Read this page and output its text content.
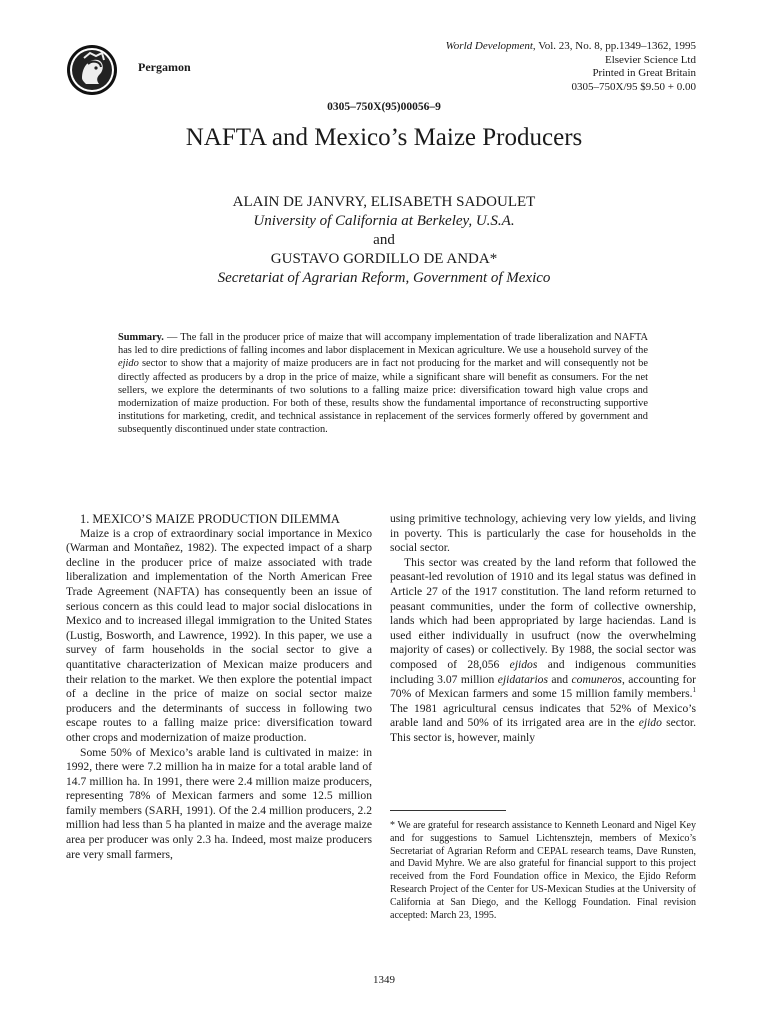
Pergamon
World Development, Vol. 23, No. 8, pp.1349–1362, 1995
Elsevier Science Ltd
Printed in Great Britain
0305–750X/95 $9.50 + 0.00
0305–750X(95)00056–9
NAFTA and Mexico’s Maize Producers
ALAIN DE JANVRY, ELISABETH SADOULET
University of California at Berkeley, U.S.A.
and
GUSTAVO GORDILLO DE ANDA*
Secretariat of Agrarian Reform, Government of Mexico
Summary. — The fall in the producer price of maize that will accompany implementation of trade liberalization and NAFTA has led to dire predictions of falling incomes and labor displacement in Mexican agriculture. We use a household survey of the ejido sector to show that a majority of maize producers are in fact not producing for the market and will consequently not be directly affected as producers by a drop in the price of maize, while a significant share will benefit as consumers. For the net sellers, we explore the determinants of two solutions to a falling maize price: diversification toward high value crops and modernization of maize production. For both of these, results show the fundamental importance of reconstructing supportive institutions for marketing, credit, and technical assistance in replacement of the services formerly offered by government and subsequently discontinued under state contraction.

1. MEXICO’S MAIZE PRODUCTION DILEMMA

Maize is a crop of extraordinary social importance in Mexico (Warman and Montañez, 1982). The expected impact of a sharp decline in the producer price of maize associated with trade liberalization and implementation of the North American Free Trade Agreement (NAFTA) has consequently been an issue of serious concern as this could lead to major social dislocations in Mexico and to increased illegal immigration to the United States (Lustig, Bosworth, and Lawrence, 1992). In this paper, we use a survey of farm households in the social sector to give a quantitative characterization of Mexican maize producers and their relation to the market. We then explore the potential impact of a decline in the price of maize on social sector maize producers and the determinants of success in following two escape routes to a falling maize price: diversification toward other crops and modernization of maize production.

Some 50% of Mexico’s arable land is cultivated in maize: in 1992, there were 7.2 million ha in maize for a total arable land of 14.7 million ha. In 1991, there were 2.4 million maize producers, representing 78% of Mexican farmers and some 12.5 million family members (SARH, 1991). Of the 2.4 million producers, 2.2 million had less than 5 ha planted in maize and the average maize area per producer was only 2.3 ha. Indeed, most maize producers are very small farmers,

using primitive technology, achieving very low yields, and living in poverty. This is particularly the case for households in the social sector.

This sector was created by the land reform that followed the peasant-led revolution of 1910 and its legal status was defined in Article 27 of the 1917 constitution. The land reform returned to peasant communities, under the form of collective ownership, lands which had been appropriated by large haciendas. Land is used either individually in usufruct (now the overwhelming majority of cases) or collectively. By 1988, the social sector was composed of 28,056 ejidos and indigenous communities including 3.07 million ejidatarios and comuneros, accounting for 70% of Mexican farmers and some 15 million family members.$^1$ The 1981 agricultural census indicates that 52% of Mexico’s arable land and 50% of its irrigated area are in the ejido sector. This sector is, however, mainly

* We are grateful for research assistance to Kenneth Leonard and Nigel Key and for suggestions to Samuel Lichtensztejn, members of Mexico’s Secretariat of Agrarian Reform and CEPAL research teams, Dave Runsten, and David Myhre. We are also grateful for financial support to this project received from the Ford Foundation office in Mexico, the Ejido Reform Research Project of the Center for US-Mexican Studies at the University of California at San Diego, and the Kellogg Foundation. Final revision accepted: March 23, 1995.
1349
